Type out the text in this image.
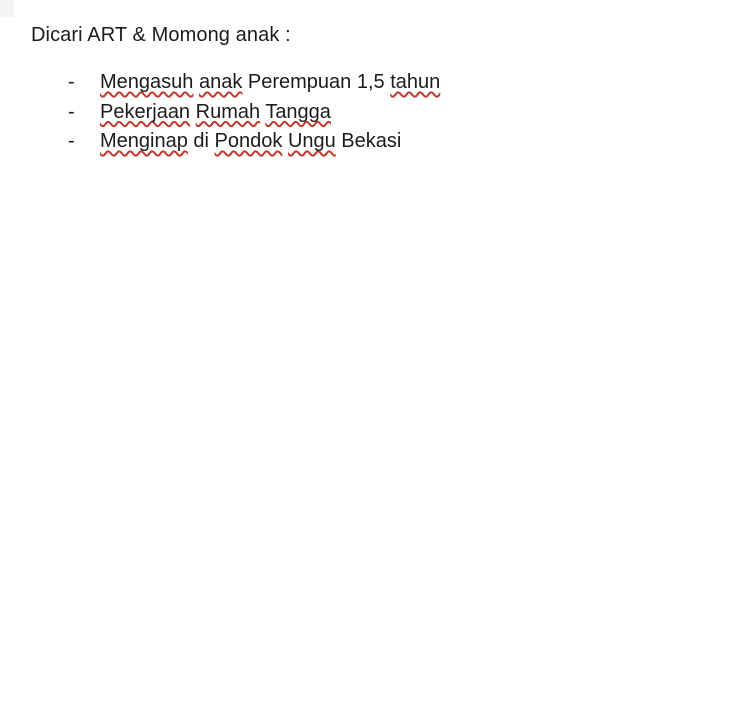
Dicari ART & Momong anak :
- Mengasuh anak Perempuan 1,5 tahun
- Pekerjaan Rumah Tangga
- Menginap di Pondok Ungu Bekasi
